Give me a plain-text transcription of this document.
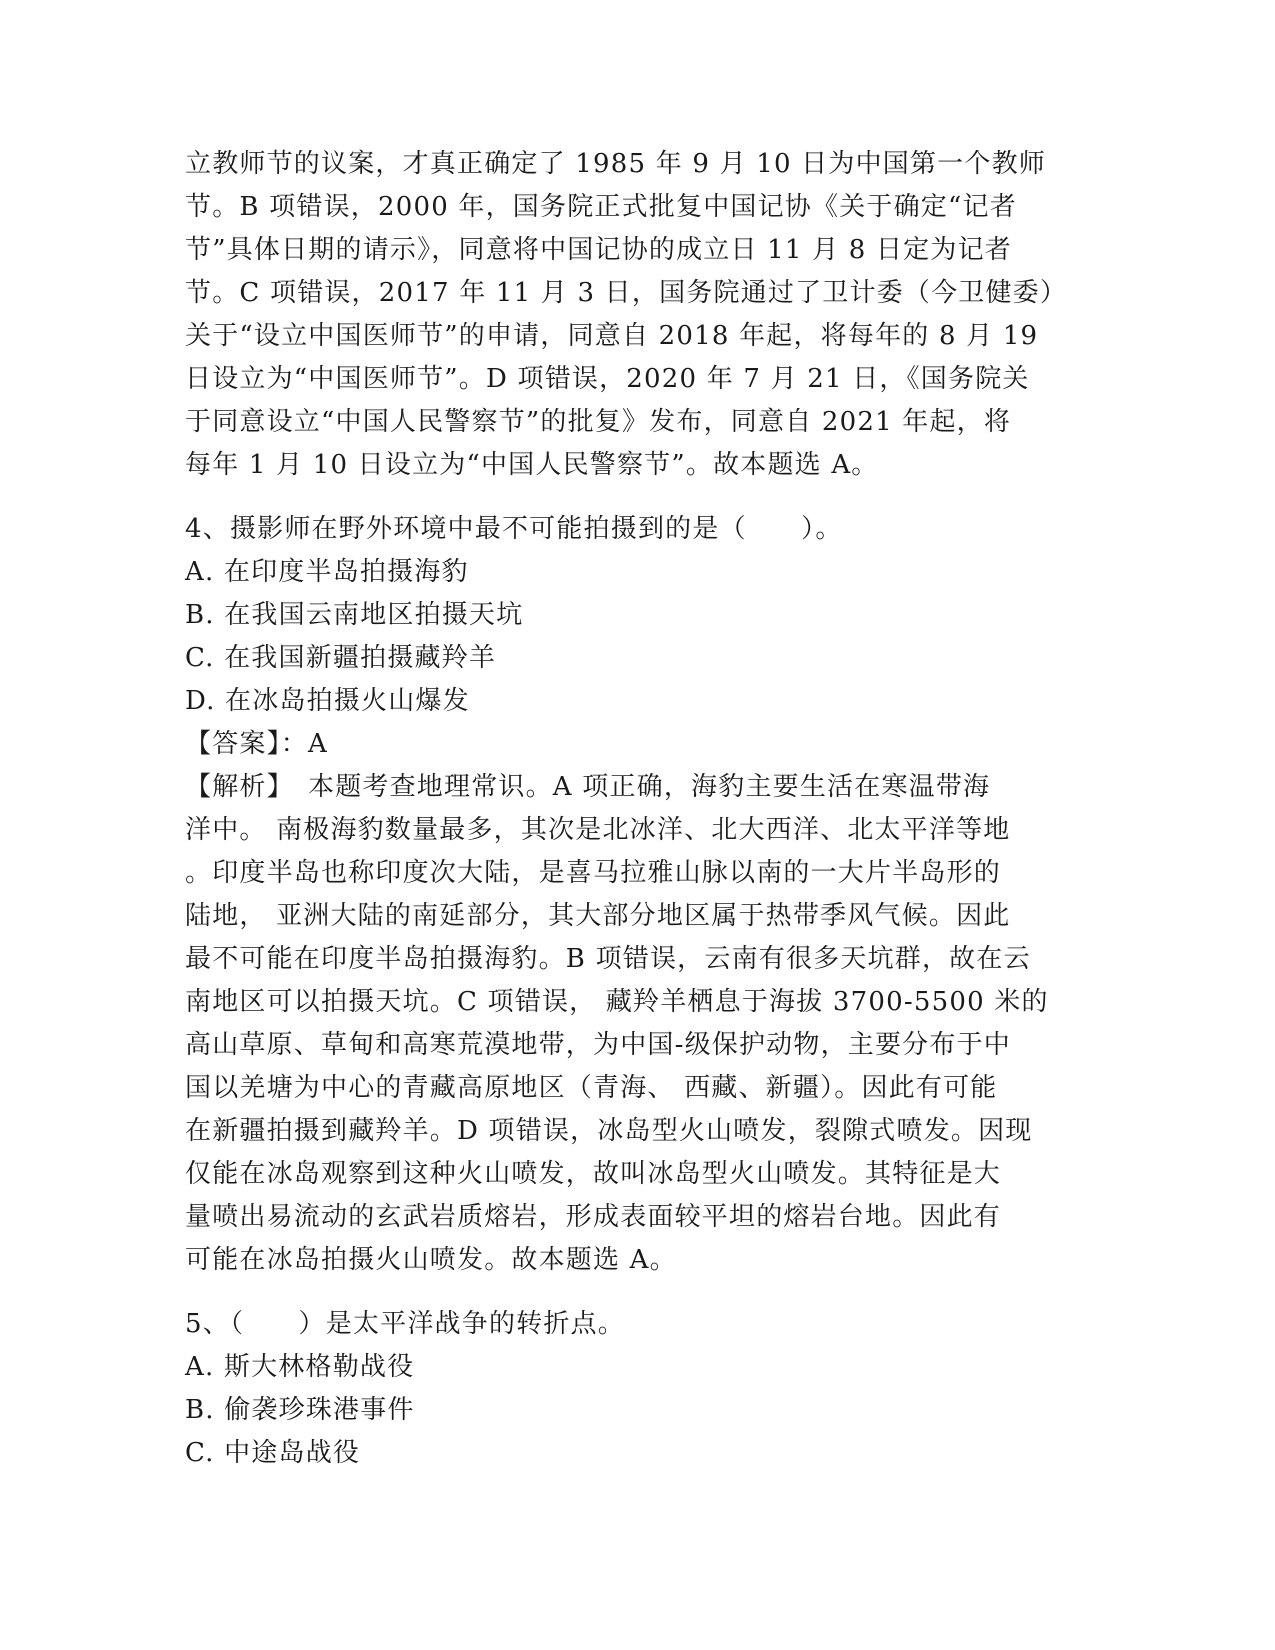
立教师节的议案，才真正确定了 1985 年 9 月 10 日为中国第一个教师
节。B 项错误，2000 年，国务院正式批复中国记协《关于确定“记者
节”具体日期的请示》，同意将中国记协的成立日 11 月 8 日定为记者
节。C 项错误，2017 年 11 月 3 日，国务院通过了卫计委（今卫健委）
关于“设立中国医师节”的申请，同意自 2018 年起，将每年的 8 月 19
日设立为“中国医师节”。D 项错误，2020 年 7 月 21 日，《国务院关
于同意设立“中国人民警察节”的批复》发布，同意自 2021 年起，将
每年 1 月 10 日设立为“中国人民警察节”。故本题选 A。
4、摄影师在野外环境中最不可能拍摄到的是（　　）。
A. 在印度半岛拍摄海豹
B. 在我国云南地区拍摄天坑
C. 在我国新疆拍摄藏羚羊
D. 在冰岛拍摄火山爆发
【答案】：A
【解析】　本题考查地理常识。A 项正确，海豹主要生活在寒温带海
洋中。 南极海豹数量最多，其次是北冰洋、北大西洋、北太平洋等地
。印度半岛也称印度次大陆，是喜马拉雅山脉以南的一大片半岛形的
陆地， 亚洲大陆的南延部分，其大部分地区属于热带季风气候。因此
最不可能在印度半岛拍摄海豹。B 项错误，云南有很多天坑群，故在云
南地区可以拍摄天坑。C 项错误， 藏羚羊栖息于海拔 3700-5500 米的
高山草原、草甸和高寒荒漠地带，为中国-级保护动物，主要分布于中
国以羌塘为中心的青藏高原地区（青海、 西藏、新疆）。因此有可能
在新疆拍摄到藏羚羊。D 项错误，冰岛型火山喷发，裂隙式喷发。因现
仅能在冰岛观察到这种火山喷发，故叫冰岛型火山喷发。其特征是大
量喷出易流动的玄武岩质熔岩，形成表面较平坦的熔岩台地。因此有
可能在冰岛拍摄火山喷发。故本题选 A。
5、（　　）是太平洋战争的转折点。
A. 斯大林格勒战役
B. 偷袭珍珠港事件
C. 中途岛战役
